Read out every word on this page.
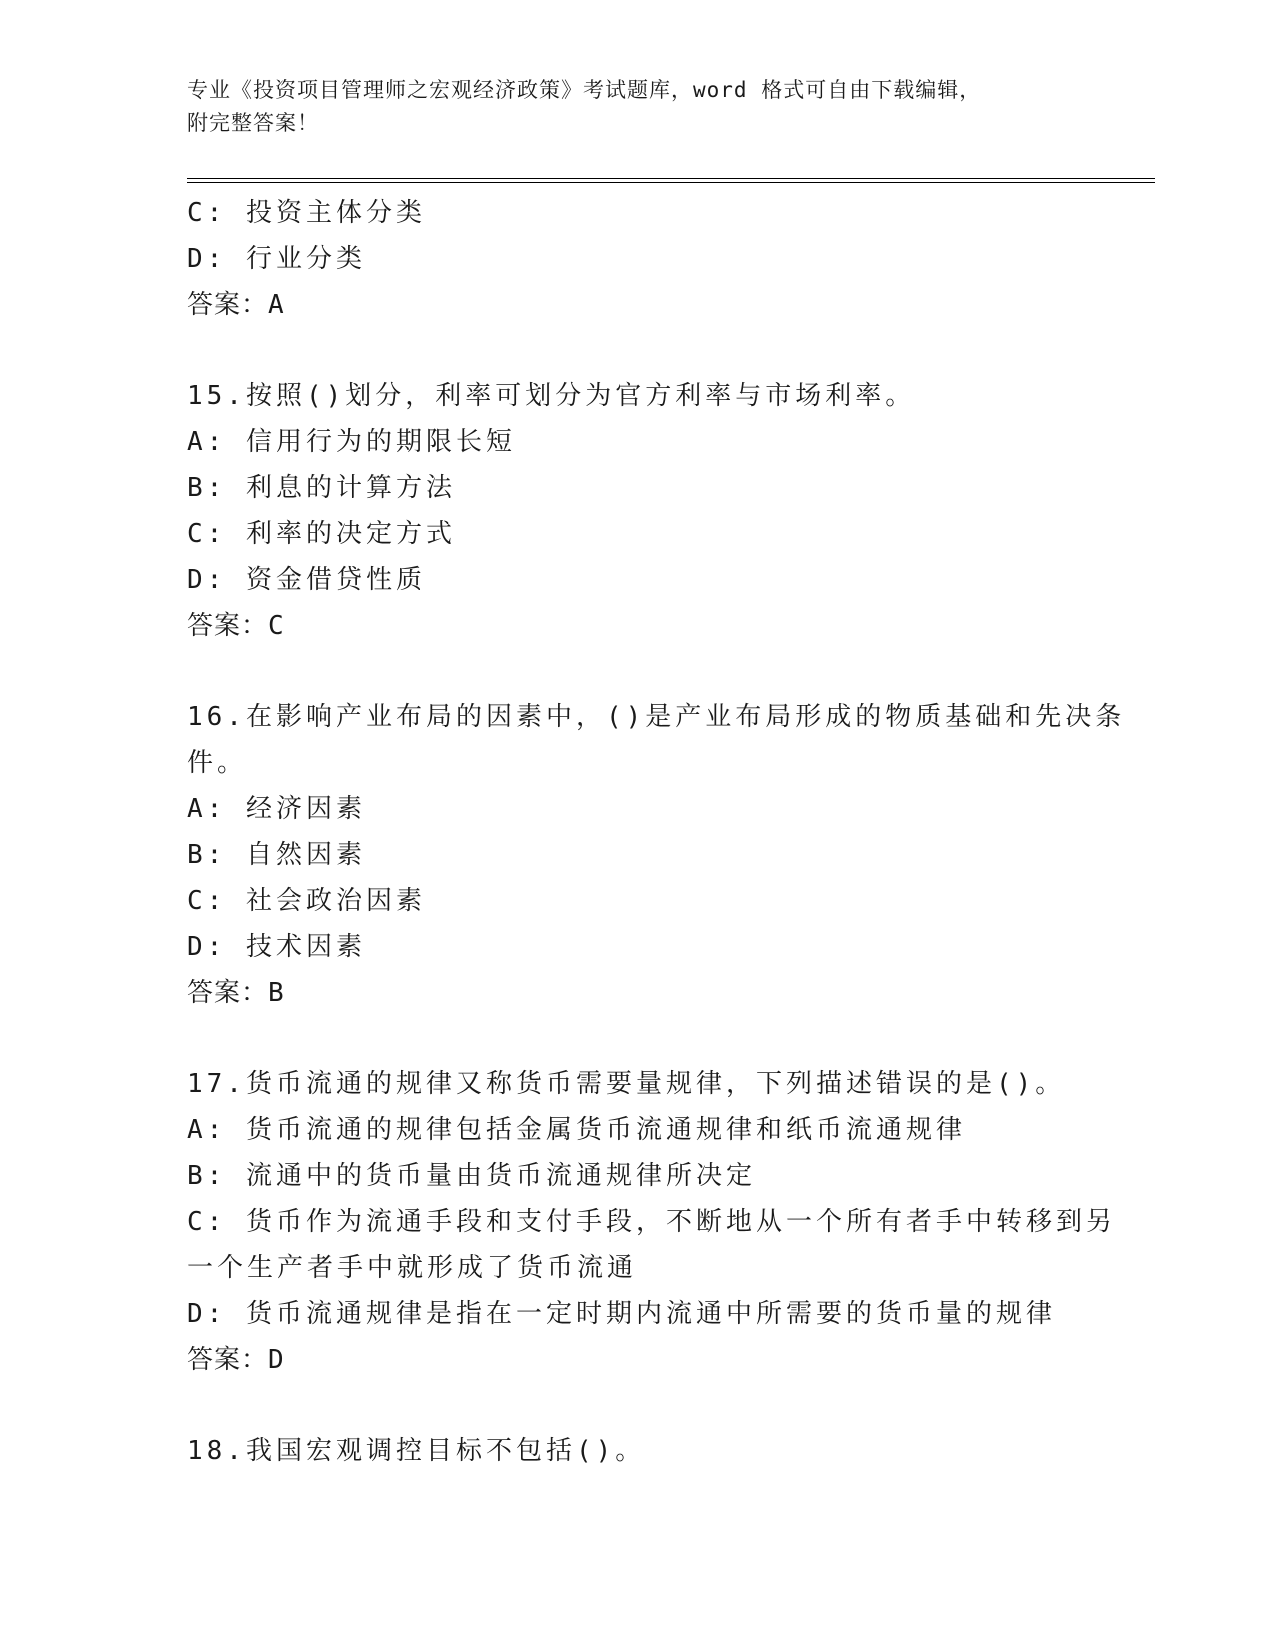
专业《投资项目管理师之宏观经济政策》考试题库，word 格式可自由下载编辑，
附完整答案！
C: 投资主体分类
D: 行业分类
答案：A
15.按照()划分，利率可划分为官方利率与市场利率。
A: 信用行为的期限长短
B: 利息的计算方法
C: 利率的决定方式
D: 资金借贷性质
答案：C
16.在影响产业布局的因素中，()是产业布局形成的物质基础和先决条
件。
A: 经济因素
B: 自然因素
C: 社会政治因素
D: 技术因素
答案：B
17.货币流通的规律又称货币需要量规律，下列描述错误的是()。
A: 货币流通的规律包括金属货币流通规律和纸币流通规律
B: 流通中的货币量由货币流通规律所决定
C: 货币作为流通手段和支付手段，不断地从一个所有者手中转移到另
一个生产者手中就形成了货币流通
D: 货币流通规律是指在一定时期内流通中所需要的货币量的规律
答案：D
18.我国宏观调控目标不包括()。
